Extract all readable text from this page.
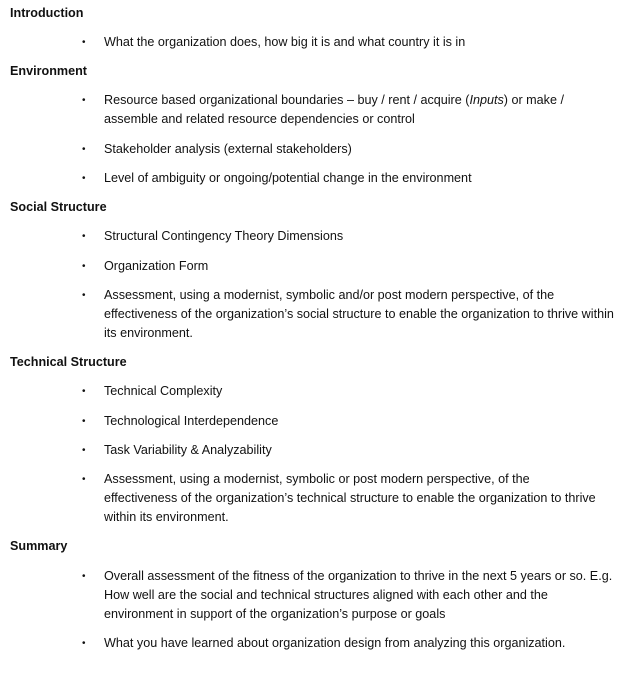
Introduction
• What the organization does, how big it is and what country it is in
Environment
• Resource based organizational boundaries – buy / rent / acquire (Inputs) or make / assemble and related resource dependencies or control
• Stakeholder analysis (external stakeholders)
• Level of ambiguity or ongoing/potential change in the environment
Social Structure
• Structural Contingency Theory Dimensions
• Organization Form
• Assessment, using a modernist, symbolic and/or post modern perspective, of the effectiveness of the organization’s social structure to enable the organization to thrive within its environment.
Technical Structure
• Technical Complexity
• Technological Interdependence
• Task Variability & Analyzability
• Assessment, using a modernist, symbolic or post modern perspective, of the effectiveness of the organization’s technical structure to enable the organization to thrive within its environment.
Summary
• Overall assessment of the fitness of the organization to thrive in the next 5 years or so. E.g. How well are the social and technical structures aligned with each other and the environment in support of the organization’s purpose or goals
• What you have learned about organization design from analyzing this organization.
